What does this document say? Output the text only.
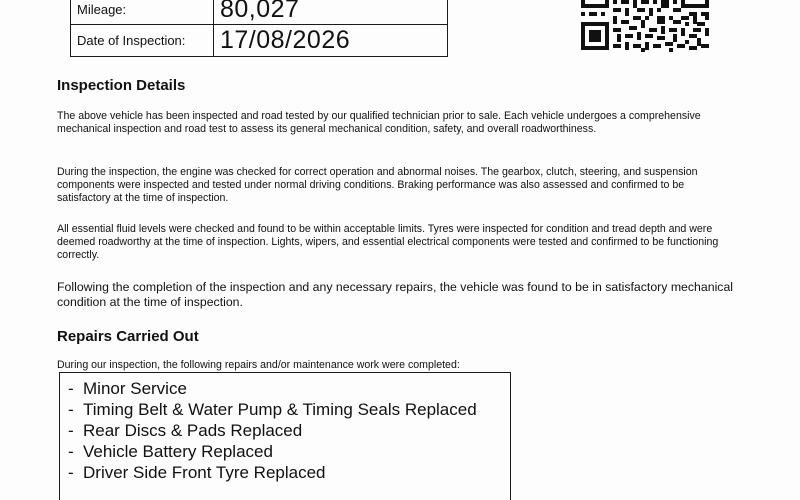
Mileage:	80,027
Date of Inspection:	17/08/2026
Inspection Details

The above vehicle has been inspected and road tested by our qualified technician prior to sale. Each vehicle undergoes a comprehensive mechanical inspection and road test to assess its general mechanical condition, safety, and overall roadworthiness.

During the inspection, the engine was checked for correct operation and abnormal noises. The gearbox, clutch, steering, and suspension components were inspected and tested under normal driving conditions. Braking performance was also assessed and confirmed to be satisfactory at the time of inspection.

All essential fluid levels were checked and found to be within acceptable limits. Tyres were inspected for condition and tread depth and were deemed roadworthy at the time of inspection. Lights, wipers, and essential electrical components were tested and confirmed to be functioning correctly.

Following the completion of the inspection and any necessary repairs, the vehicle was found to be in satisfactory mechanical condition at the time of inspection.

Repairs Carried Out

During our inspection, the following repairs and/or maintenance work were completed:

- Minor Service
- Timing Belt & Water Pump & Timing Seals Replaced
- Rear Discs & Pads Replaced
- Vehicle Battery Replaced
- Driver Side Front Tyre Replaced
